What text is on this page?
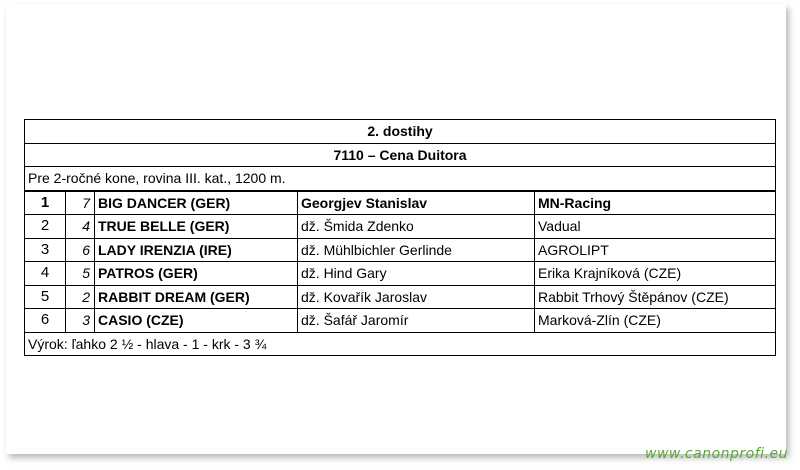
2. dostihy				
7110 – Cena Duitora				
Pre 2-ročné kone, rovina III. kat., 1200 m.				
1	7	BIG DANCER (GER)	Georgjev Stanislav	MN-Racing
2	4	TRUE BELLE (GER)	dž. Šmida Zdenko	Vadual
3	6	LADY IRENZIA (IRE)	dž. Mühlbichler Gerlinde	AGROLIPT
4	5	PATROS (GER)	dž. Hind Gary	Erika Krajníková (CZE)
5	2	RABBIT DREAM (GER)	dž. Kovařík Jaroslav	Rabbit Trhový Štěpánov (CZE)
6	3	CASIO (CZE)	dž. Šafář Jaromír	Marková-Zlín (CZE)
Výrok: ľahko 2 ½ - hlava - 1 - krk - 3 ¾				
www.canonprofi.eu
